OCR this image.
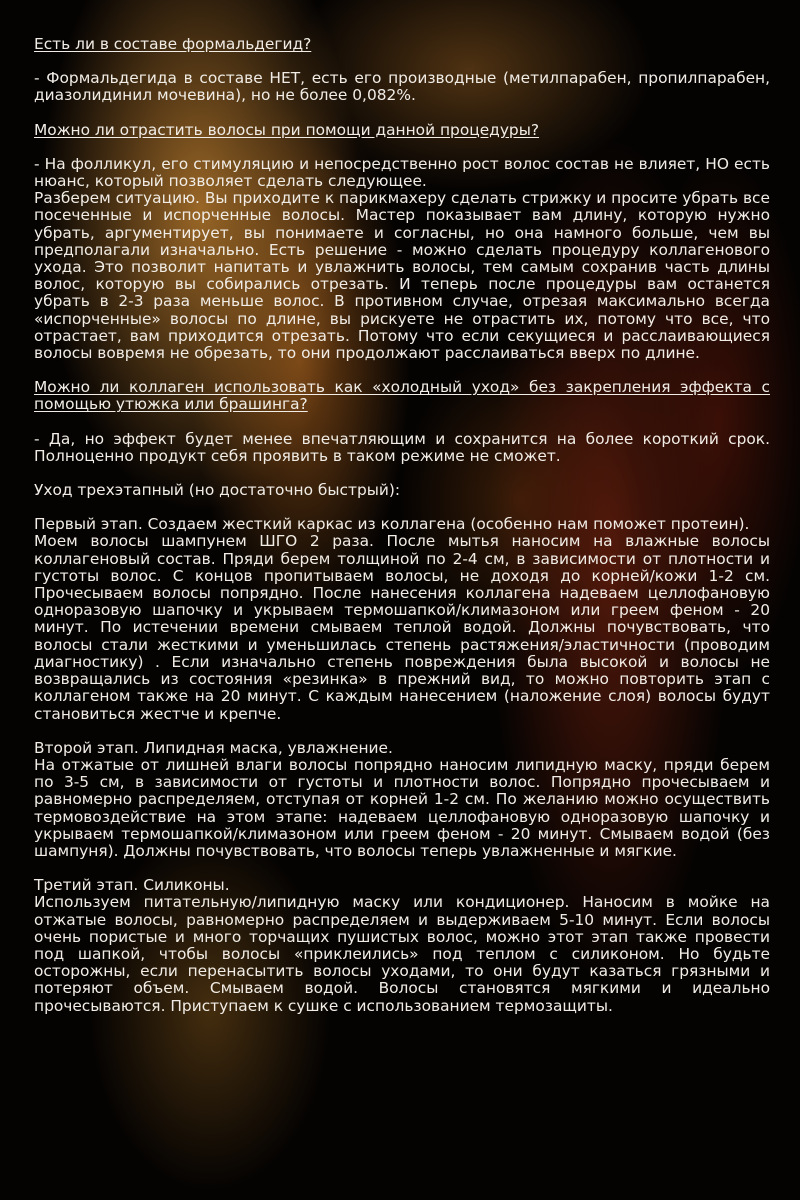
Есть ли в составе формальдегид?

- Формальдегида в составе НЕТ, есть его производные (метилпарабен, пропилпарабен, диазолидинил мочевина), но не более 0,082%.

Можно ли отрастить волосы при помощи данной процедуры?

- На фолликул, его стимуляцию и непосредственно рост волос состав не влияет, НО есть нюанс, который позволяет сделать следующее.

Разберем ситуацию. Вы приходите к парикмахеру сделать стрижку и просите убрать все посеченные и испорченные волосы. Мастер показывает вам длину, которую нужно убрать, аргументирует, вы понимаете и согласны, но она намного больше, чем вы предполагали изначально. Есть решение - можно сделать процедуру коллагенового ухода. Это позволит напитать и увлажнить волосы, тем самым сохранив часть длины волос, которую вы собирались отрезать. И теперь после процедуры вам останется убрать в 2-3 раза меньше волос. В противном случае, отрезая максимально всегда «испорченные» волосы по длине, вы рискуете не отрастить их, потому что все, что отрастает, вам приходится отрезать. Потому что если секущиеся и расслаивающиеся волосы вовремя не обрезать, то они продолжают расслаиваться вверх по длине.

Можно ли коллаген использовать как «холодный уход» без закрепления эффекта с помощью утюжка или брашинга?

- Да, но эффект будет менее впечатляющим и сохранится на более короткий срок. Полноценно продукт себя проявить в таком режиме не сможет.

Уход трехэтапный (но достаточно быстрый):

Первый этап. Создаем жесткий каркас из коллагена (особенно нам поможет протеин).

Моем волосы шампунем ШГО 2 раза. После мытья наносим на влажные волосы коллагеновый состав. Пряди берем толщиной по 2-4 см, в зависимости от плотности и густоты волос. С концов пропитываем волосы, не доходя до корней/кожи 1-2 см. Прочесываем волосы попрядно. После нанесения коллагена надеваем целлофановую одноразовую шапочку и укрываем термошапкой/климазоном или греем феном - 20 минут. По истечении времени смываем теплой водой. Должны почувствовать, что волосы стали жесткими и уменьшилась степень растяжения/эластичности (проводим диагностику) . Если изначально степень повреждения была высокой и волосы не возвращались из состояния «резинка» в прежний вид, то можно повторить этап с коллагеном также на 20 минут. С каждым нанесением (наложение слоя) волосы будут становиться жестче и крепче.

Второй этап. Липидная маска, увлажнение.

На отжатые от лишней влаги волосы попрядно наносим липидную маску, пряди берем по 3-5 см, в зависимости от густоты и плотности волос. Попрядно прочесываем и равномерно распределяем, отступая от корней 1-2 см. По желанию можно осуществить термовоздействие на этом этапе: надеваем целлофановую одноразовую шапочку и укрываем термошапкой/климазоном или греем феном - 20 минут. Смываем водой (без шампуня). Должны почувствовать, что волосы теперь увлажненные и мягкие.

Третий этап. Силиконы.

Используем питательную/липидную маску или кондиционер. Наносим в мойке на отжатые волосы, равномерно распределяем и выдерживаем 5-10 минут. Если волосы очень пористые и много торчащих пушистых волос, можно этот этап также провести под шапкой, чтобы волосы «приклеились» под теплом с силиконом. Но будьте осторожны, если перенасытить волосы уходами, то они будут казаться грязными и потеряют объем. Смываем водой. Волосы становятся мягкими и идеально прочесываются. Приступаем к сушке с использованием термозащиты.
